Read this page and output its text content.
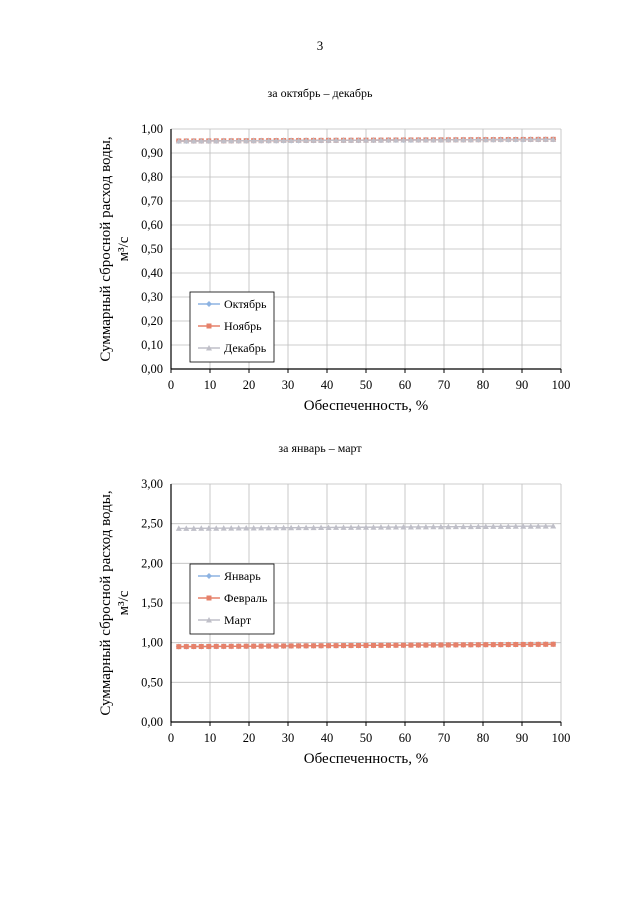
3
за октябрь – декабрь
0,00
0,10
0,20
0,30
0,40
0,50
0,60
0,70
0,80
0,90
1,00
0 10 20 30 40 50 60 70 80 90 100
Обеспеченность, %
Суммарный сбросной расход воды, м³/с
Октябрь
Ноябрь
Декабрь
за январь – март
0,00
0,50
1,00
1,50
2,00
2,50
3,00
0 10 20 30 40 50 60 70 80 90 100
Обеспеченность, %
Суммарный сбросной расход воды, м³/с
Январь
Февраль
Март
